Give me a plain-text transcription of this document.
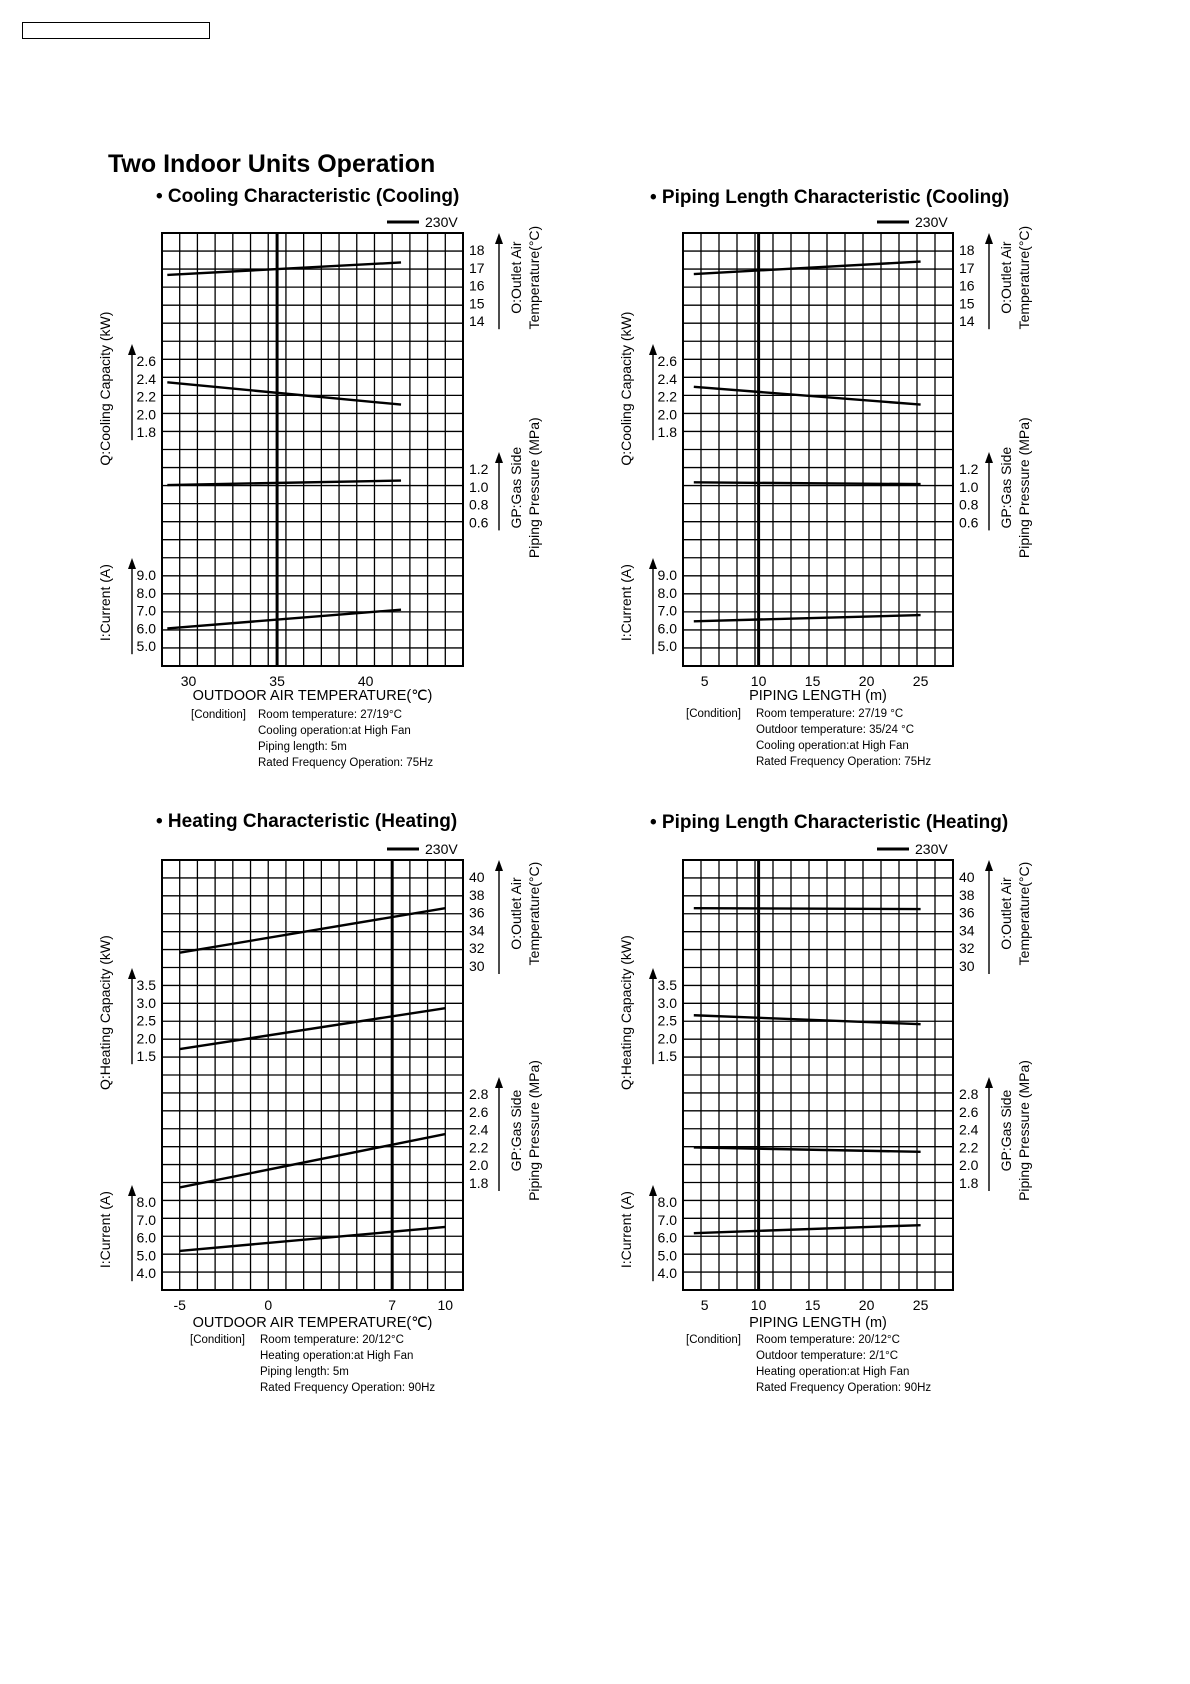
Two Indoor Units Operation
• Cooling Characteristic (Cooling)	• Piping Length Characteristic (Cooling)
• Heating Characteristic (Heating)	• Piping Length Characteristic (Heating)
230V
30	35	40
OUTDOOR AIR TEMPERATURE(℃)
18
17
16
15
14
O:Outlet Air Temperature(°C)
2.6
2.4
2.2
2.0
1.8
Q:Cooling Capacity (kW)
1.2
1.0
0.8
0.6 GP:Gas Side Piping Pressure (MPa)
9.0
8.0
7.0
6.0
5.0
I:Current (A)
230V
5	10	15	20	25
PIPING LENGTH (m)
18
17
16
15
14
O:Outlet Air Temperature(°C)
2.6
2.4
2.2
2.0
1.8
Q:Cooling Capacity (kW)
1.2
1.0
0.8
0.6 GP:Gas Side Piping Pressure (MPa)
9.0
8.0
7.0
6.0
5.0
I:Current (A)
230V
-5	0	7	10
OUTDOOR AIR TEMPERATURE(℃)
40
38
36
34
32
30
O:Outlet Air Temperature(°C)
3.5
3.0
2.5
2.0
1.5
Q:Heating Capacity (kW)
2.8
2.6
2.4
2.2
2.0
1.8
GP:Gas Side Piping Pressure (MPa)
8.0
7.0
6.0
5.0
4.0
I:Current (A)
230V
5	10	15	20	25
PIPING LENGTH (m)
40
38
36
34
32
30
O:Outlet Air Temperature(°C)
3.5
3.0
2.5
2.0
1.5
Q:Heating Capacity (kW)
2.8
2.6
2.4
2.2
2.0
1.8
GP:Gas Side Piping Pressure (MPa)
8.0
7.0
6.0
5.0
4.0
I:Current (A)
[Condition] Room temperature: 27/19°C
Cooling operation:at High Fan
Piping length: 5m
Rated Frequency Operation: 75Hz
[Condition] Room temperature: 27/19 °C
Outdoor temperature: 35/24 °C
Cooling operation:at High Fan
Rated Frequency Operation: 75Hz
[Condition] Room temperature: 20/12°C
Heating operation:at High Fan
Piping length: 5m
Rated Frequency Operation: 90Hz
[Condition] Room temperature: 20/12°C
Outdoor temperature: 2/1°C
Heating operation:at High Fan
Rated Frequency Operation: 90Hz
